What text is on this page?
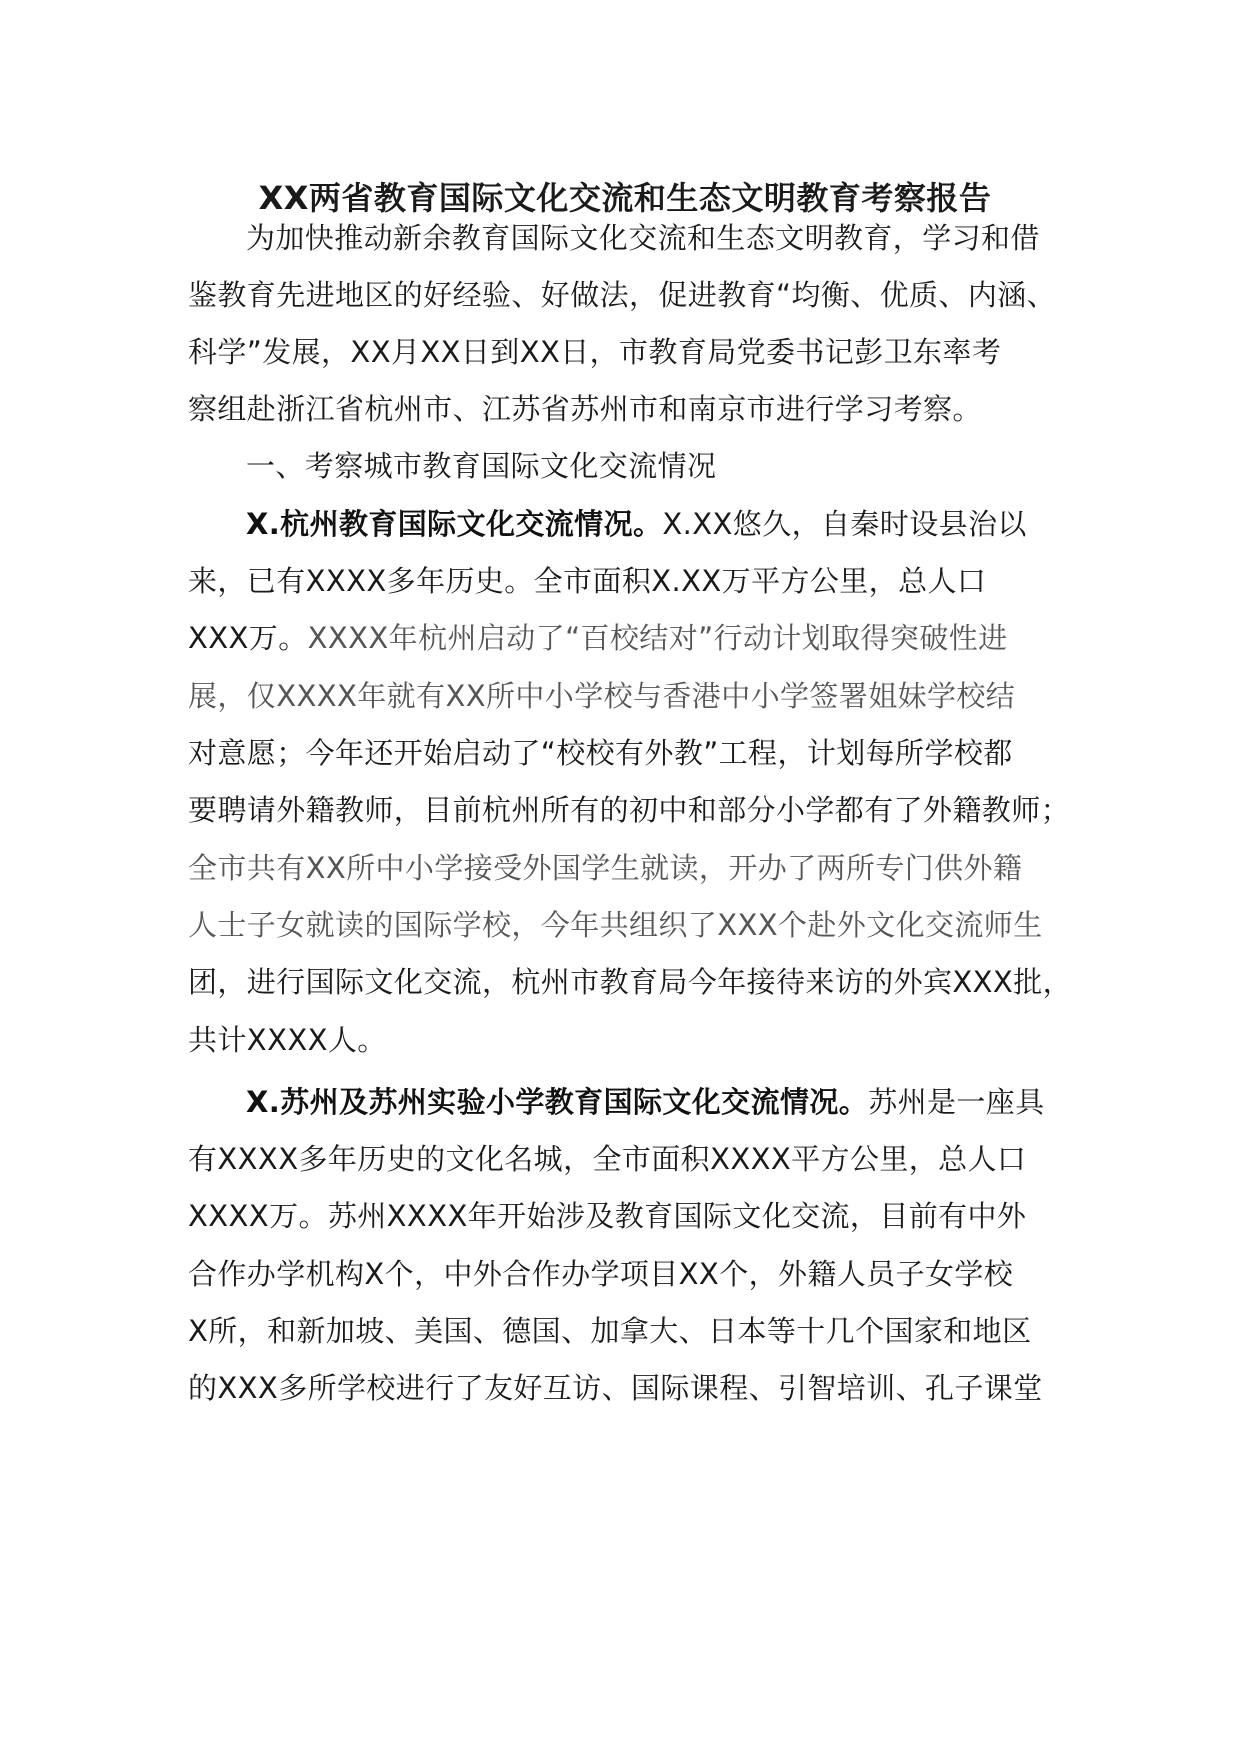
XX两省教育国际文化交流和生态文明教育考察报告
为加快推动新余教育国际文化交流和生态文明教育，学习和借
鉴教育先进地区的好经验、好做法，促进教育“均衡、优质、内涵、
科学”发展，XX月XX日到XX日，市教育局党委书记彭卫东率考
察组赴浙江省杭州市、江苏省苏州市和南京市进行学习考察。
一、考察城市教育国际文化交流情况
X.杭州教育国际文化交流情况。X.XX悠久，自秦时设县治以
来，已有XXXX多年历史。全市面积X.XX万平方公里，总人口
XXX万。XXXX年杭州启动了“百校结对”行动计划取得突破性进
展，仅XXXX年就有XX所中小学校与香港中小学签署姐妹学校结
对意愿；今年还开始启动了“校校有外教”工程，计划每所学校都
要聘请外籍教师，目前杭州所有的初中和部分小学都有了外籍教师；
全市共有XX所中小学接受外国学生就读，开办了两所专门供外籍
人士子女就读的国际学校，今年共组织了XXX个赴外文化交流师生
团，进行国际文化交流，杭州市教育局今年接待来访的外宾XXX批，
共计XXXX人。
X.苏州及苏州实验小学教育国际文化交流情况。苏州是一座具
有XXXX多年历史的文化名城，全市面积XXXX平方公里，总人口
XXXX万。苏州XXXX年开始涉及教育国际文化交流，目前有中外
合作办学机构X个，中外合作办学项目XX个，外籍人员子女学校
X所，和新加坡、美国、德国、加拿大、日本等十几个国家和地区
的XXX多所学校进行了友好互访、国际课程、引智培训、孔子课堂
